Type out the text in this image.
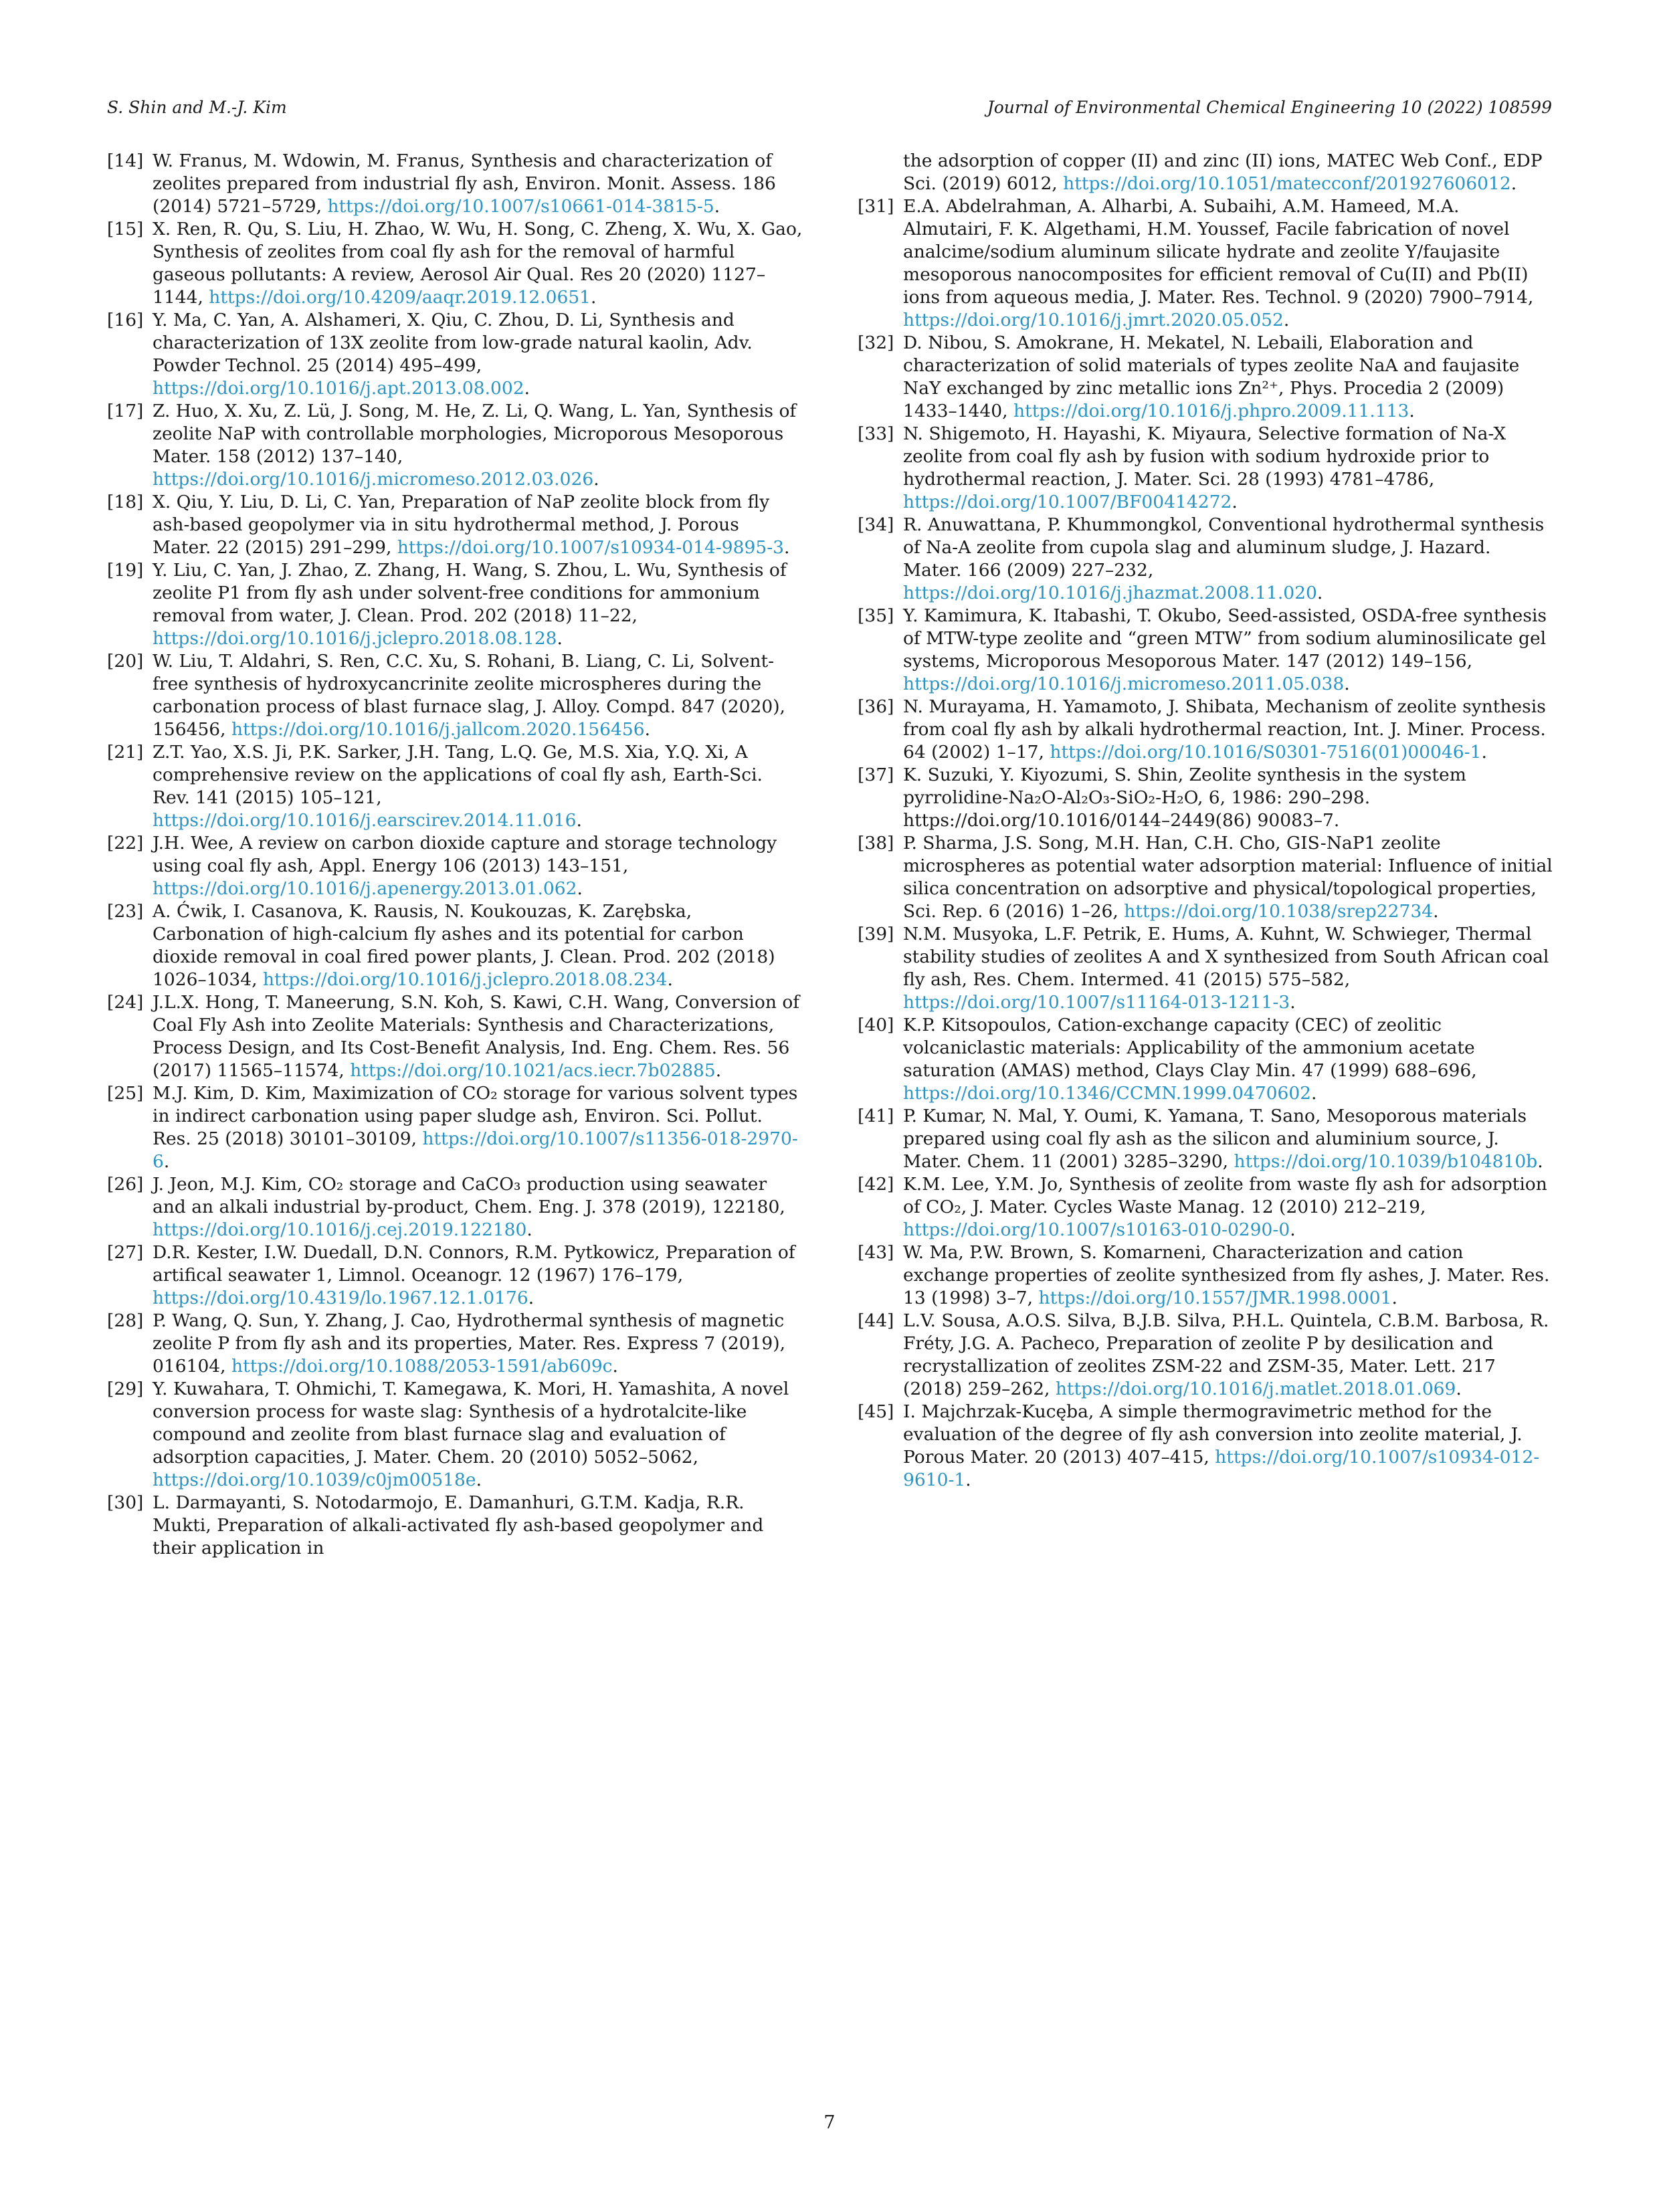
S. Shin and M.-J. Kim	Journal of Environmental Chemical Engineering 10 (2022) 108599
[14] W. Franus, M. Wdowin, M. Franus, Synthesis and characterization of zeolites prepared from industrial fly ash, Environ. Monit. Assess. 186 (2014) 5721–5729, https://doi.org/10.1007/s10661-014-3815-5.
[15] X. Ren, R. Qu, S. Liu, H. Zhao, W. Wu, H. Song, C. Zheng, X. Wu, X. Gao, Synthesis of zeolites from coal fly ash for the removal of harmful gaseous pollutants: A review, Aerosol Air Qual. Res 20 (2020) 1127–1144, https://doi.org/10.4209/aaqr.2019.12.0651.
[16] Y. Ma, C. Yan, A. Alshameri, X. Qiu, C. Zhou, D. Li, Synthesis and characterization of 13X zeolite from low-grade natural kaolin, Adv. Powder Technol. 25 (2014) 495–499, https://doi.org/10.1016/j.apt.2013.08.002.
[17] Z. Huo, X. Xu, Z. Lü, J. Song, M. He, Z. Li, Q. Wang, L. Yan, Synthesis of zeolite NaP with controllable morphologies, Microporous Mesoporous Mater. 158 (2012) 137–140, https://doi.org/10.1016/j.micromeso.2012.03.026.
[18] X. Qiu, Y. Liu, D. Li, C. Yan, Preparation of NaP zeolite block from fly ash-based geopolymer via in situ hydrothermal method, J. Porous Mater. 22 (2015) 291–299, https://doi.org/10.1007/s10934-014-9895-3.
[19] Y. Liu, C. Yan, J. Zhao, Z. Zhang, H. Wang, S. Zhou, L. Wu, Synthesis of zeolite P1 from fly ash under solvent-free conditions for ammonium removal from water, J. Clean. Prod. 202 (2018) 11–22, https://doi.org/10.1016/j.jclepro.2018.08.128.
[20] W. Liu, T. Aldahri, S. Ren, C.C. Xu, S. Rohani, B. Liang, C. Li, Solvent-free synthesis of hydroxycancrinite zeolite microspheres during the carbonation process of blast furnace slag, J. Alloy. Compd. 847 (2020), 156456, https://doi.org/10.1016/j.jallcom.2020.156456.
[21] Z.T. Yao, X.S. Ji, P.K. Sarker, J.H. Tang, L.Q. Ge, M.S. Xia, Y.Q. Xi, A comprehensive review on the applications of coal fly ash, Earth-Sci. Rev. 141 (2015) 105–121, https://doi.org/10.1016/j.earscirev.2014.11.016.
[22] J.H. Wee, A review on carbon dioxide capture and storage technology using coal fly ash, Appl. Energy 106 (2013) 143–151, https://doi.org/10.1016/j.apenergy.2013.01.062.
[23] A. Ćwik, I. Casanova, K. Rausis, N. Koukouzas, K. Zarębska, Carbonation of high-calcium fly ashes and its potential for carbon dioxide removal in coal fired power plants, J. Clean. Prod. 202 (2018) 1026–1034, https://doi.org/10.1016/j.jclepro.2018.08.234.
[24] J.L.X. Hong, T. Maneerung, S.N. Koh, S. Kawi, C.H. Wang, Conversion of Coal Fly Ash into Zeolite Materials: Synthesis and Characterizations, Process Design, and Its Cost-Benefit Analysis, Ind. Eng. Chem. Res. 56 (2017) 11565–11574, https://doi.org/10.1021/acs.iecr.7b02885.
[25] M.J. Kim, D. Kim, Maximization of CO₂ storage for various solvent types in indirect carbonation using paper sludge ash, Environ. Sci. Pollut. Res. 25 (2018) 30101–30109, https://doi.org/10.1007/s11356-018-2970-6.
[26] J. Jeon, M.J. Kim, CO₂ storage and CaCO₃ production using seawater and an alkali industrial by-product, Chem. Eng. J. 378 (2019), 122180, https://doi.org/10.1016/j.cej.2019.122180.
[27] D.R. Kester, I.W. Duedall, D.N. Connors, R.M. Pytkowicz, Preparation of artifical seawater 1, Limnol. Oceanogr. 12 (1967) 176–179, https://doi.org/10.4319/lo.1967.12.1.0176.
[28] P. Wang, Q. Sun, Y. Zhang, J. Cao, Hydrothermal synthesis of magnetic zeolite P from fly ash and its properties, Mater. Res. Express 7 (2019), 016104, https://doi.org/10.1088/2053-1591/ab609c.
[29] Y. Kuwahara, T. Ohmichi, T. Kamegawa, K. Mori, H. Yamashita, A novel conversion process for waste slag: Synthesis of a hydrotalcite-like compound and zeolite from blast furnace slag and evaluation of adsorption capacities, J. Mater. Chem. 20 (2010) 5052–5062, https://doi.org/10.1039/c0jm00518e.
[30] L. Darmayanti, S. Notodarmojo, E. Damanhuri, G.T.M. Kadja, R.R. Mukti, Preparation of alkali-activated fly ash-based geopolymer and their application in
the adsorption of copper (II) and zinc (II) ions, MATEC Web Conf., EDP Sci. (2019) 6012, https://doi.org/10.1051/matecconf/201927606012.
[31] E.A. Abdelrahman, A. Alharbi, A. Subaihi, A.M. Hameed, M.A. Almutairi, F. K. Algethami, H.M. Youssef, Facile fabrication of novel analcime/sodium aluminum silicate hydrate and zeolite Y/faujasite mesoporous nanocomposites for efficient removal of Cu(II) and Pb(II) ions from aqueous media, J. Mater. Res. Technol. 9 (2020) 7900–7914, https://doi.org/10.1016/j.jmrt.2020.05.052.
[32] D. Nibou, S. Amokrane, H. Mekatel, N. Lebaili, Elaboration and characterization of solid materials of types zeolite NaA and faujasite NaY exchanged by zinc metallic ions Zn²⁺, Phys. Procedia 2 (2009) 1433–1440, https://doi.org/10.1016/j.phpro.2009.11.113.
[33] N. Shigemoto, H. Hayashi, K. Miyaura, Selective formation of Na-X zeolite from coal fly ash by fusion with sodium hydroxide prior to hydrothermal reaction, J. Mater. Sci. 28 (1993) 4781–4786, https://doi.org/10.1007/BF00414272.
[34] R. Anuwattana, P. Khummongkol, Conventional hydrothermal synthesis of Na-A zeolite from cupola slag and aluminum sludge, J. Hazard. Mater. 166 (2009) 227–232, https://doi.org/10.1016/j.jhazmat.2008.11.020.
[35] Y. Kamimura, K. Itabashi, T. Okubo, Seed-assisted, OSDA-free synthesis of MTW-type zeolite and “green MTW” from sodium aluminosilicate gel systems, Microporous Mesoporous Mater. 147 (2012) 149–156, https://doi.org/10.1016/j.micromeso.2011.05.038.
[36] N. Murayama, H. Yamamoto, J. Shibata, Mechanism of zeolite synthesis from coal fly ash by alkali hydrothermal reaction, Int. J. Miner. Process. 64 (2002) 1–17, https://doi.org/10.1016/S0301-7516(01)00046-1.
[37] K. Suzuki, Y. Kiyozumi, S. Shin, Zeolite synthesis in the system pyrrolidine-Na₂O-Al₂O₃-SiO₂-H₂O, 6, 1986: 290–298. https://doi.org/10.1016/0144–2449(86) 90083–7.
[38] P. Sharma, J.S. Song, M.H. Han, C.H. Cho, GIS-NaP1 zeolite microspheres as potential water adsorption material: Influence of initial silica concentration on adsorptive and physical/topological properties, Sci. Rep. 6 (2016) 1–26, https://doi.org/10.1038/srep22734.
[39] N.M. Musyoka, L.F. Petrik, E. Hums, A. Kuhnt, W. Schwieger, Thermal stability studies of zeolites A and X synthesized from South African coal fly ash, Res. Chem. Intermed. 41 (2015) 575–582, https://doi.org/10.1007/s11164-013-1211-3.
[40] K.P. Kitsopoulos, Cation-exchange capacity (CEC) of zeolitic volcaniclastic materials: Applicability of the ammonium acetate saturation (AMAS) method, Clays Clay Min. 47 (1999) 688–696, https://doi.org/10.1346/CCMN.1999.0470602.
[41] P. Kumar, N. Mal, Y. Oumi, K. Yamana, T. Sano, Mesoporous materials prepared using coal fly ash as the silicon and aluminium source, J. Mater. Chem. 11 (2001) 3285–3290, https://doi.org/10.1039/b104810b.
[42] K.M. Lee, Y.M. Jo, Synthesis of zeolite from waste fly ash for adsorption of CO₂, J. Mater. Cycles Waste Manag. 12 (2010) 212–219, https://doi.org/10.1007/s10163-010-0290-0.
[43] W. Ma, P.W. Brown, S. Komarneni, Characterization and cation exchange properties of zeolite synthesized from fly ashes, J. Mater. Res. 13 (1998) 3–7, https://doi.org/10.1557/JMR.1998.0001.
[44] L.V. Sousa, A.O.S. Silva, B.J.B. Silva, P.H.L. Quintela, C.B.M. Barbosa, R. Fréty, J.G. A. Pacheco, Preparation of zeolite P by desilication and recrystallization of zeolites ZSM-22 and ZSM-35, Mater. Lett. 217 (2018) 259–262, https://doi.org/10.1016/j.matlet.2018.01.069.
[45] I. Majchrzak-Kucęba, A simple thermogravimetric method for the evaluation of the degree of fly ash conversion into zeolite material, J. Porous Mater. 20 (2013) 407–415, https://doi.org/10.1007/s10934-012-9610-1.
7
